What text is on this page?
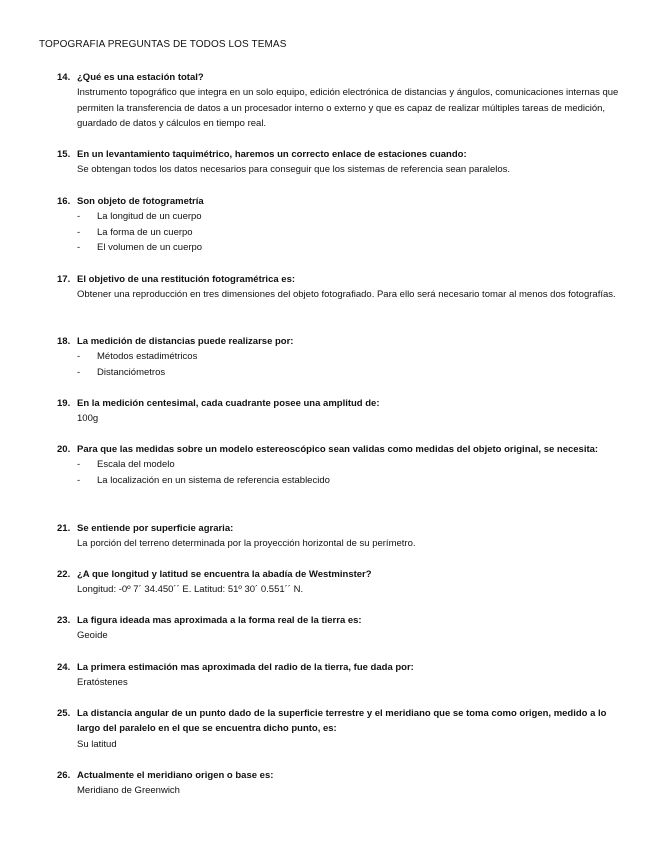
TOPOGRAFIA PREGUNTAS DE TODOS LOS TEMAS
14. ¿Qué es una estación total?
Instrumento topográfico que integra en un solo equipo, edición electrónica de distancias y ángulos, comunicaciones internas que permiten la transferencia de datos a un procesador interno o externo y que es capaz de realizar múltiples tareas de medición, guardado de datos y cálculos en tiempo real.
15. En un levantamiento taquimétrico, haremos un correcto enlace de estaciones cuando:
Se obtengan todos los datos necesarios para conseguir que los sistemas de referencia sean paralelos.
16. Son objeto de fotogrametría
- La longitud de un cuerpo
- La forma de un cuerpo
- El volumen de un cuerpo
17. El objetivo de una restitución fotogramétrica es:
Obtener una reproducción en tres dimensiones del objeto fotografiado. Para ello será necesario tomar al menos dos fotografías.
18. La medición de distancias puede realizarse por:
- Métodos estadimétricos
- Distanciómetros
19. En la medición centesimal, cada cuadrante posee una amplitud de:
100g
20. Para que las medidas sobre un modelo estereoscópico sean validas como medidas del objeto original, se necesita:
- Escala del modelo
- La localización en un sistema de referencia establecido
21. Se entiende por superficie agraria:
La porción del terreno determinada por la proyección horizontal de su perímetro.
22. ¿A que longitud y latitud se encuentra la abadía de Westminster?
Longitud: -0º 7´ 34.450´´ E. Latitud: 51º 30´ 0.551´´ N.
23. La figura ideada mas aproximada a la forma real de la tierra es:
Geoide
24. La primera estimación mas aproximada del radio de la tierra, fue dada por:
Eratóstenes
25. La distancia angular de un punto dado de la superficie terrestre y el meridiano que se toma como origen, medido a lo largo del paralelo en el que se encuentra dicho punto, es:
Su latitud
26. Actualmente el meridiano origen o base es:
Meridiano de Greenwich
